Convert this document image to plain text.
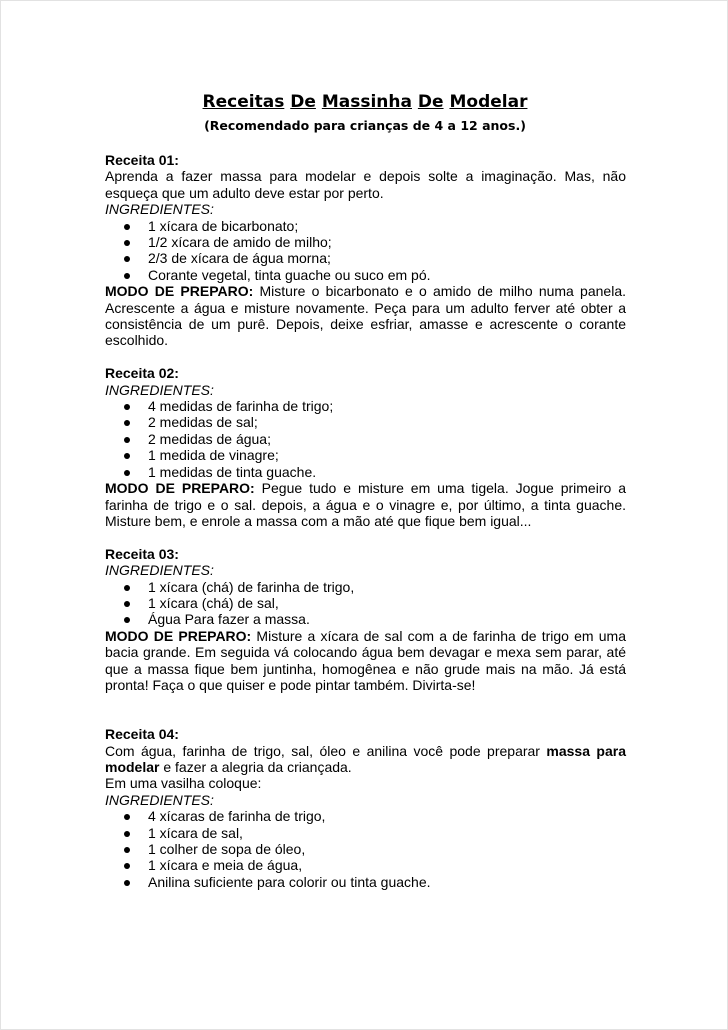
Receitas De Massinha De Modelar
(Recomendado para crianças de 4 a 12 anos.)
Receita 01:
Aprenda a fazer massa para modelar e depois solte a imaginação. Mas, não esqueça que um adulto deve estar por perto.
INGREDIENTES:
1 xícara de bicarbonato;
1/2 xícara de amido de milho;
2/3 de xícara de água morna;
Corante vegetal, tinta guache ou suco em pó.
MODO DE PREPARO: Misture o bicarbonato e o amido de milho numa panela. Acrescente a água e misture novamente. Peça para um adulto ferver até obter a consistência de um purê. Depois, deixe esfriar, amasse e acrescente o corante escolhido.
Receita 02:
INGREDIENTES:
4 medidas de farinha de trigo;
2 medidas de sal;
2 medidas de água;
1 medida de vinagre;
1 medidas de tinta guache.
MODO DE PREPARO: Pegue tudo e misture em uma tigela. Jogue primeiro a farinha de trigo e o sal. depois, a água e o vinagre e, por último, a tinta guache. Misture bem, e enrole a massa com a mão até que fique bem igual...
Receita 03:
INGREDIENTES:
1 xícara (chá) de farinha de trigo,
1 xícara (chá) de sal,
Água Para fazer a massa.
MODO DE PREPARO: Misture a xícara de sal com a de farinha de trigo em uma bacia grande. Em seguida vá colocando água bem devagar e mexa sem parar, até que a massa fique bem juntinha, homogênea e não grude mais na mão. Já está pronta! Faça o que quiser e pode pintar também. Divirta-se!
Receita 04:
Com água, farinha de trigo, sal, óleo e anilina você pode preparar massa para modelar e fazer a alegria da criançada.
Em uma vasilha coloque:
INGREDIENTES:
4 xícaras de farinha de trigo,
1 xícara de sal,
1 colher de sopa de óleo,
1 xícara e meia de água,
Anilina suficiente para colorir ou tinta guache.
